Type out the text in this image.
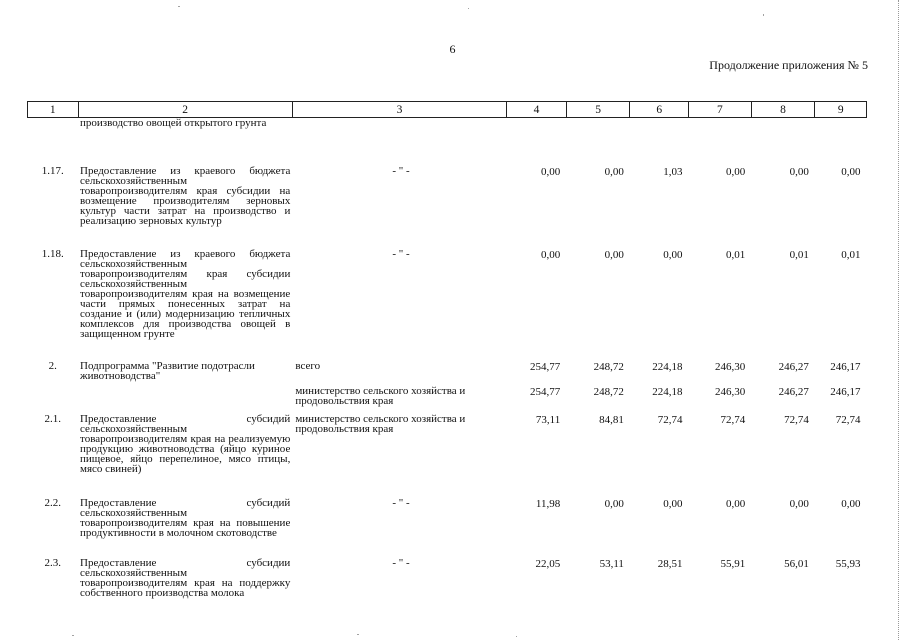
6
Продолжение приложения № 5
1	2	3	4	5	6	7	8	9
	производство овощей открытого грунта							
1.17.	Предоставление из краевого бюджета сельскохозяйственным товаропроизводителям края субсидии на возмещение производителям зерновых культур части затрат на производство и реализацию зерновых культур	- " -	0,00	0,00	1,03	0,00	0,00	0,00
1.18.	Предоставление из краевого бюджета сельскохозяйственным товаропроизводителям края субсидии сельскохозяйственным товаропроизводителям края на возмещение части прямых понесенных затрат на создание и (или) модернизацию тепличных комплексов для производства овощей в защищенном грунте	- " -	0,00	0,00	0,00	0,01	0,01	0,01
2.	Подпрограмма "Развитие подотрасли животноводства"	всего	254,77	248,72	224,18	246,30	246,27	246,17
		министерство сельского хозяйства и продовольствия края	254,77	248,72	224,18	246,30	246,27	246,17
2.1.	Предоставление субсидий сельскохозяйственным товаропроизводителям края на реализуемую продукцию животноводства (яйцо куриное пищевое, яйцо перепелиное, мясо птицы, мясо свиней)	министерство сельского хозяйства и продовольствия края	73,11	84,81	72,74	72,74	72,74	72,74
2.2.	Предоставление субсидий сельскохозяйственным товаропроизводителям края на повышение продуктивности в молочном скотоводстве	- " -	11,98	0,00	0,00	0,00	0,00	0,00
2.3.	Предоставление субсидии сельскохозяйственным товаропроизводителям края на поддержку собственного производства молока	- " -	22,05	53,11	28,51	55,91	56,01	55,93
